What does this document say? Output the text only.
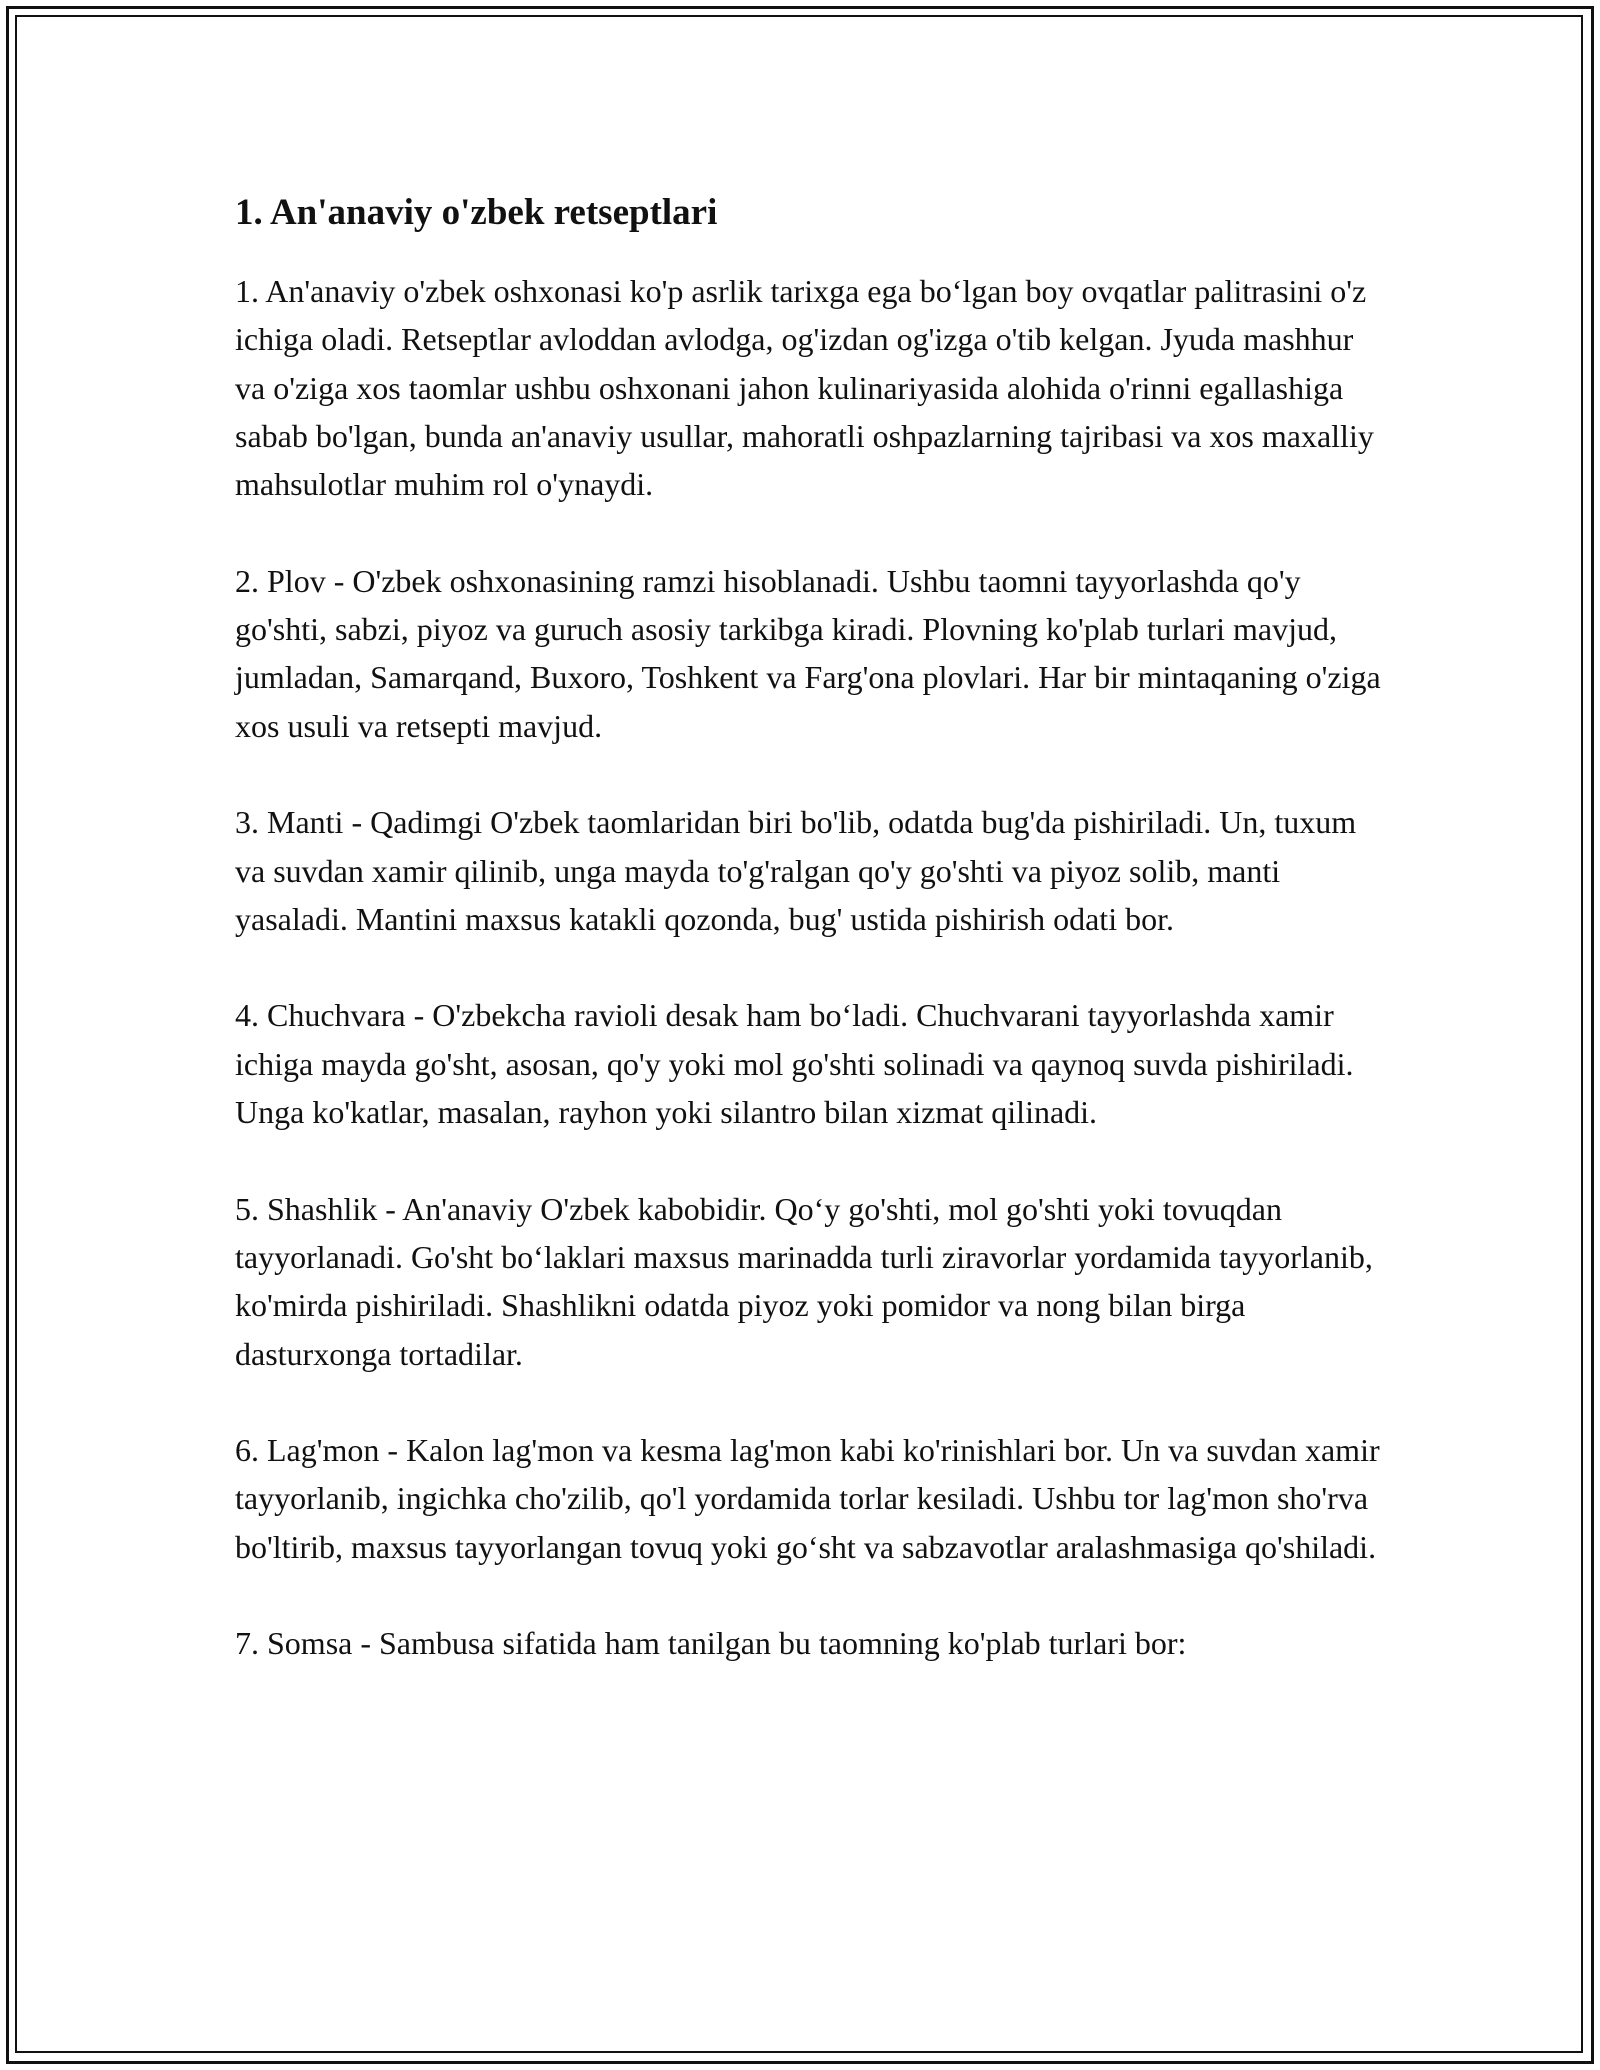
1. An'anaviy o'zbek retseptlari

1. An'anaviy o'zbek oshxonasi ko'p asrlik tarixga ega bo‘lgan boy ovqatlar palitrasini o'z ichiga oladi. Retseptlar avloddan avlodga, og'izdan og'izga o'tib kelgan. Jyuda mashhur va o'ziga xos taomlar ushbu oshxonani jahon kulinariyasida alohida o'rinni egallashiga sabab bo'lgan, bunda an'anaviy usullar, mahoratli oshpazlarning tajribasi va xos maxalliy mahsulotlar muhim rol o'ynaydi.

2. Plov - O'zbek oshxonasining ramzi hisoblanadi. Ushbu taomni tayyorlashda qo'y go'shti, sabzi, piyoz va guruch asosiy tarkibga kiradi. Plovning ko'plab turlari mavjud, jumladan, Samarqand, Buxoro, Toshkent va Farg'ona plovlari. Har bir mintaqaning o'ziga xos usuli va retsepti mavjud.

3. Manti - Qadimgi O'zbek taomlaridan biri bo'lib, odatda bug'da pishiriladi. Un, tuxum va suvdan xamir qilinib, unga mayda to'g'ralgan qo'y go'shti va piyoz solib, manti yasaladi. Mantini maxsus katakli qozonda, bug' ustida pishirish odati bor.

4. Chuchvara - O'zbekcha ravioli desak ham bo‘ladi. Chuchvarani tayyorlashda xamir ichiga mayda go'sht, asosan, qo'y yoki mol go'shti solinadi va qaynoq suvda pishiriladi. Unga ko'katlar, masalan, rayhon yoki silantro bilan xizmat qilinadi.

5. Shashlik - An'anaviy O'zbek kabobidir. Qo‘y go'shti, mol go'shti yoki tovuqdan tayyorlanadi. Go'sht bo‘laklari maxsus marinadda turli ziravorlar yordamida tayyorlanib, ko'mirda pishiriladi. Shashlikni odatda piyoz yoki pomidor va nong bilan birga dasturxonga tortadilar.

6. Lag'mon - Kalon lag'mon va kesma lag'mon kabi ko'rinishlari bor. Un va suvdan xamir tayyorlanib, ingichka cho'zilib, qo'l yordamida torlar kesiladi. Ushbu tor lag'mon sho'rva bo'ltirib, maxsus tayyorlangan tovuq yoki go‘sht va sabzavotlar aralashmasiga qo'shiladi.

7. Somsa - Sambusa sifatida ham tanilgan bu taomning ko'plab turlari bor:
